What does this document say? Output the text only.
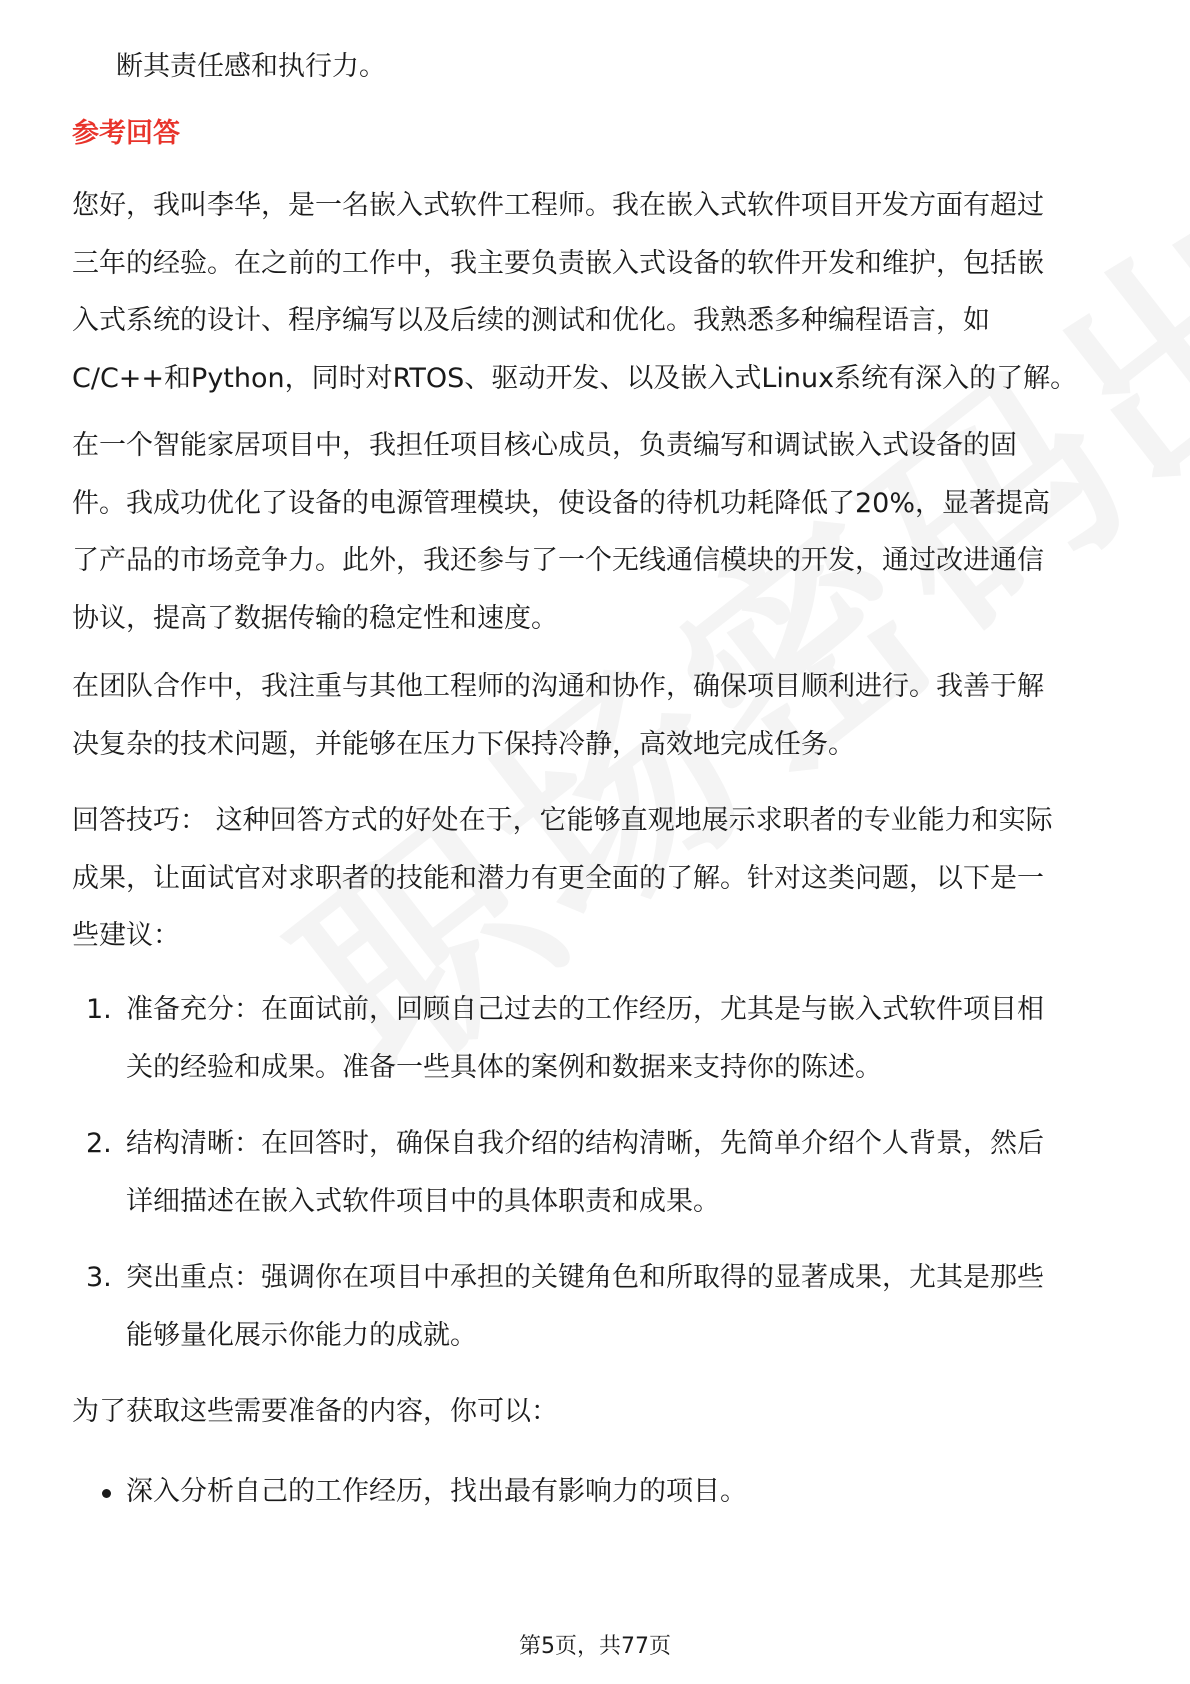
断其责任感和执行力。

参考回答

您好，我叫李华，是一名嵌入式软件工程师。我在嵌入式软件项目开发方面有超过
三年的经验。在之前的工作中，我主要负责嵌入式设备的软件开发和维护，包括嵌
入式系统的设计、程序编写以及后续的测试和优化。我熟悉多种编程语言，如
C/C++和Python，同时对RTOS、驱动开发、以及嵌入式Linux系统有深入的了解。

在一个智能家居项目中，我担任项目核心成员，负责编写和调试嵌入式设备的固
件。我成功优化了设备的电源管理模块，使设备的待机功耗降低了20%，显著提高
了产品的市场竞争力。此外，我还参与了一个无线通信模块的开发，通过改进通信
协议，提高了数据传输的稳定性和速度。

在团队合作中，我注重与其他工程师的沟通和协作，确保项目顺利进行。我善于解
决复杂的技术问题，并能够在压力下保持冷静，高效地完成任务。

回答技巧： 这种回答方式的好处在于，它能够直观地展示求职者的专业能力和实际
成果，让面试官对求职者的技能和潜力有更全面的了解。针对这类问题，以下是一
些建议：

1. 准备充分：在面试前，回顾自己过去的工作经历，尤其是与嵌入式软件项目相
关的经验和成果。准备一些具体的案例和数据来支持你的陈述。
2. 结构清晰：在回答时，确保自我介绍的结构清晰，先简单介绍个人背景，然后
详细描述在嵌入式软件项目中的具体职责和成果。
3. 突出重点：强调你在项目中承担的关键角色和所取得的显著成果，尤其是那些
能够量化展示你能力的成就。

为了获取这些需要准备的内容，你可以：

深入分析自己的工作经历，找出最有影响力的项目。
第5页，共77页
